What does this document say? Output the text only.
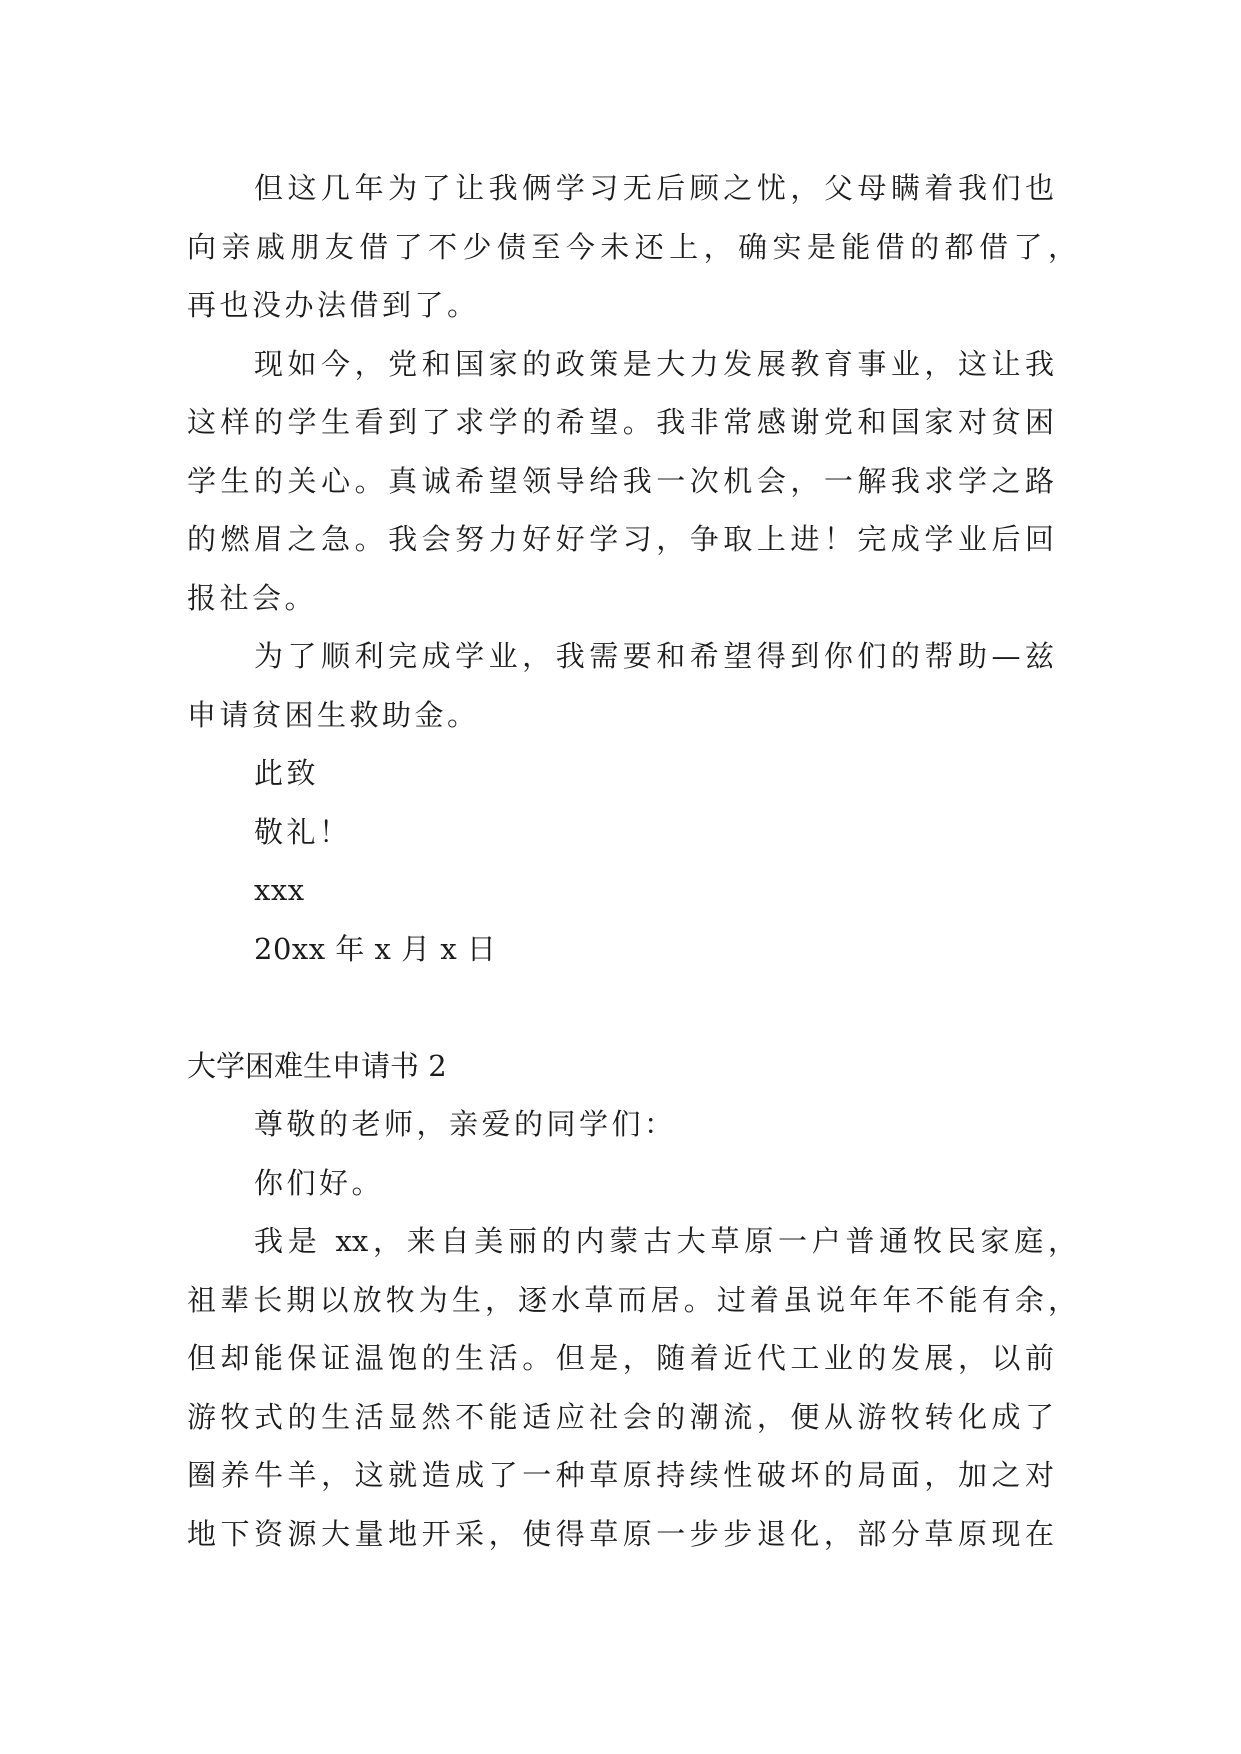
但这几年为了让我俩学习无后顾之忧，父母瞒着我们也
向亲戚朋友借了不少债至今未还上，确实是能借的都借了，
再也没办法借到了。
现如今，党和国家的政策是大力发展教育事业，这让我
这样的学生看到了求学的希望。我非常感谢党和国家对贫困
学生的关心。真诚希望领导给我一次机会，一解我求学之路
的燃眉之急。我会努力好好学习，争取上进！完成学业后回
报社会。
为了顺利完成学业，我需要和希望得到你们的帮助—兹
申请贫困生救助金。
此致
敬礼！
xxx
20xx 年 x 月 x 日
大学困难生申请书 2
尊敬的老师，亲爱的同学们：
你们好。
我是 xx，来自美丽的内蒙古大草原一户普通牧民家庭，
祖辈长期以放牧为生，逐水草而居。过着虽说年年不能有余，
但却能保证温饱的生活。但是，随着近代工业的发展，以前
游牧式的生活显然不能适应社会的潮流，便从游牧转化成了
圈养牛羊，这就造成了一种草原持续性破坏的局面，加之对
地下资源大量地开采，使得草原一步步退化，部分草原现在
